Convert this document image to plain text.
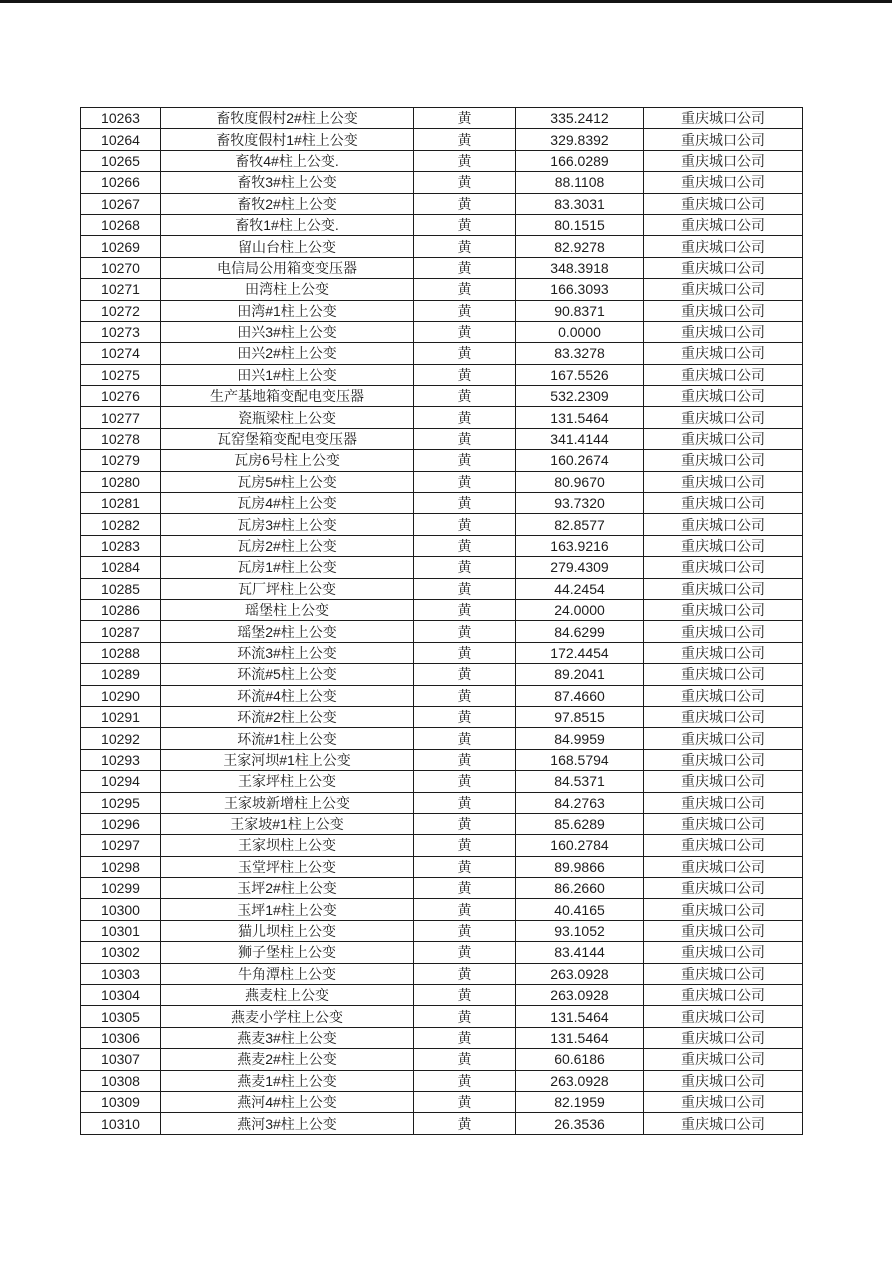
10263	畜牧度假村2#柱上公变	黄	335.2412	重庆城口公司
10264	畜牧度假村1#柱上公变	黄	329.8392	重庆城口公司
10265	畜牧4#柱上公变.	黄	166.0289	重庆城口公司
10266	畜牧3#柱上公变	黄	88.1108	重庆城口公司
10267	畜牧2#柱上公变	黄	83.3031	重庆城口公司
10268	畜牧1#柱上公变.	黄	80.1515	重庆城口公司
10269	留山台柱上公变	黄	82.9278	重庆城口公司
10270	电信局公用箱变变压器	黄	348.3918	重庆城口公司
10271	田湾柱上公变	黄	166.3093	重庆城口公司
10272	田湾#1柱上公变	黄	90.8371	重庆城口公司
10273	田兴3#柱上公变	黄	0.0000	重庆城口公司
10274	田兴2#柱上公变	黄	83.3278	重庆城口公司
10275	田兴1#柱上公变	黄	167.5526	重庆城口公司
10276	生产基地箱变配电变压器	黄	532.2309	重庆城口公司
10277	瓷瓶梁柱上公变	黄	131.5464	重庆城口公司
10278	瓦窑堡箱变配电变压器	黄	341.4144	重庆城口公司
10279	瓦房6号柱上公变	黄	160.2674	重庆城口公司
10280	瓦房5#柱上公变	黄	80.9670	重庆城口公司
10281	瓦房4#柱上公变	黄	93.7320	重庆城口公司
10282	瓦房3#柱上公变	黄	82.8577	重庆城口公司
10283	瓦房2#柱上公变	黄	163.9216	重庆城口公司
10284	瓦房1#柱上公变	黄	279.4309	重庆城口公司
10285	瓦厂坪柱上公变	黄	44.2454	重庆城口公司
10286	瑶堡柱上公变	黄	24.0000	重庆城口公司
10287	瑶堡2#柱上公变	黄	84.6299	重庆城口公司
10288	环流3#柱上公变	黄	172.4454	重庆城口公司
10289	环流#5柱上公变	黄	89.2041	重庆城口公司
10290	环流#4柱上公变	黄	87.4660	重庆城口公司
10291	环流#2柱上公变	黄	97.8515	重庆城口公司
10292	环流#1柱上公变	黄	84.9959	重庆城口公司
10293	王家河坝#1柱上公变	黄	168.5794	重庆城口公司
10294	王家坪柱上公变	黄	84.5371	重庆城口公司
10295	王家坡新增柱上公变	黄	84.2763	重庆城口公司
10296	王家坡#1柱上公变	黄	85.6289	重庆城口公司
10297	王家坝柱上公变	黄	160.2784	重庆城口公司
10298	玉堂坪柱上公变	黄	89.9866	重庆城口公司
10299	玉坪2#柱上公变	黄	86.2660	重庆城口公司
10300	玉坪1#柱上公变	黄	40.4165	重庆城口公司
10301	猫儿坝柱上公变	黄	93.1052	重庆城口公司
10302	狮子堡柱上公变	黄	83.4144	重庆城口公司
10303	牛角潭柱上公变	黄	263.0928	重庆城口公司
10304	燕麦柱上公变	黄	263.0928	重庆城口公司
10305	燕麦小学柱上公变	黄	131.5464	重庆城口公司
10306	燕麦3#柱上公变	黄	131.5464	重庆城口公司
10307	燕麦2#柱上公变	黄	60.6186	重庆城口公司
10308	燕麦1#柱上公变	黄	263.0928	重庆城口公司
10309	燕河4#柱上公变	黄	82.1959	重庆城口公司
10310	燕河3#柱上公变	黄	26.3536	重庆城口公司
